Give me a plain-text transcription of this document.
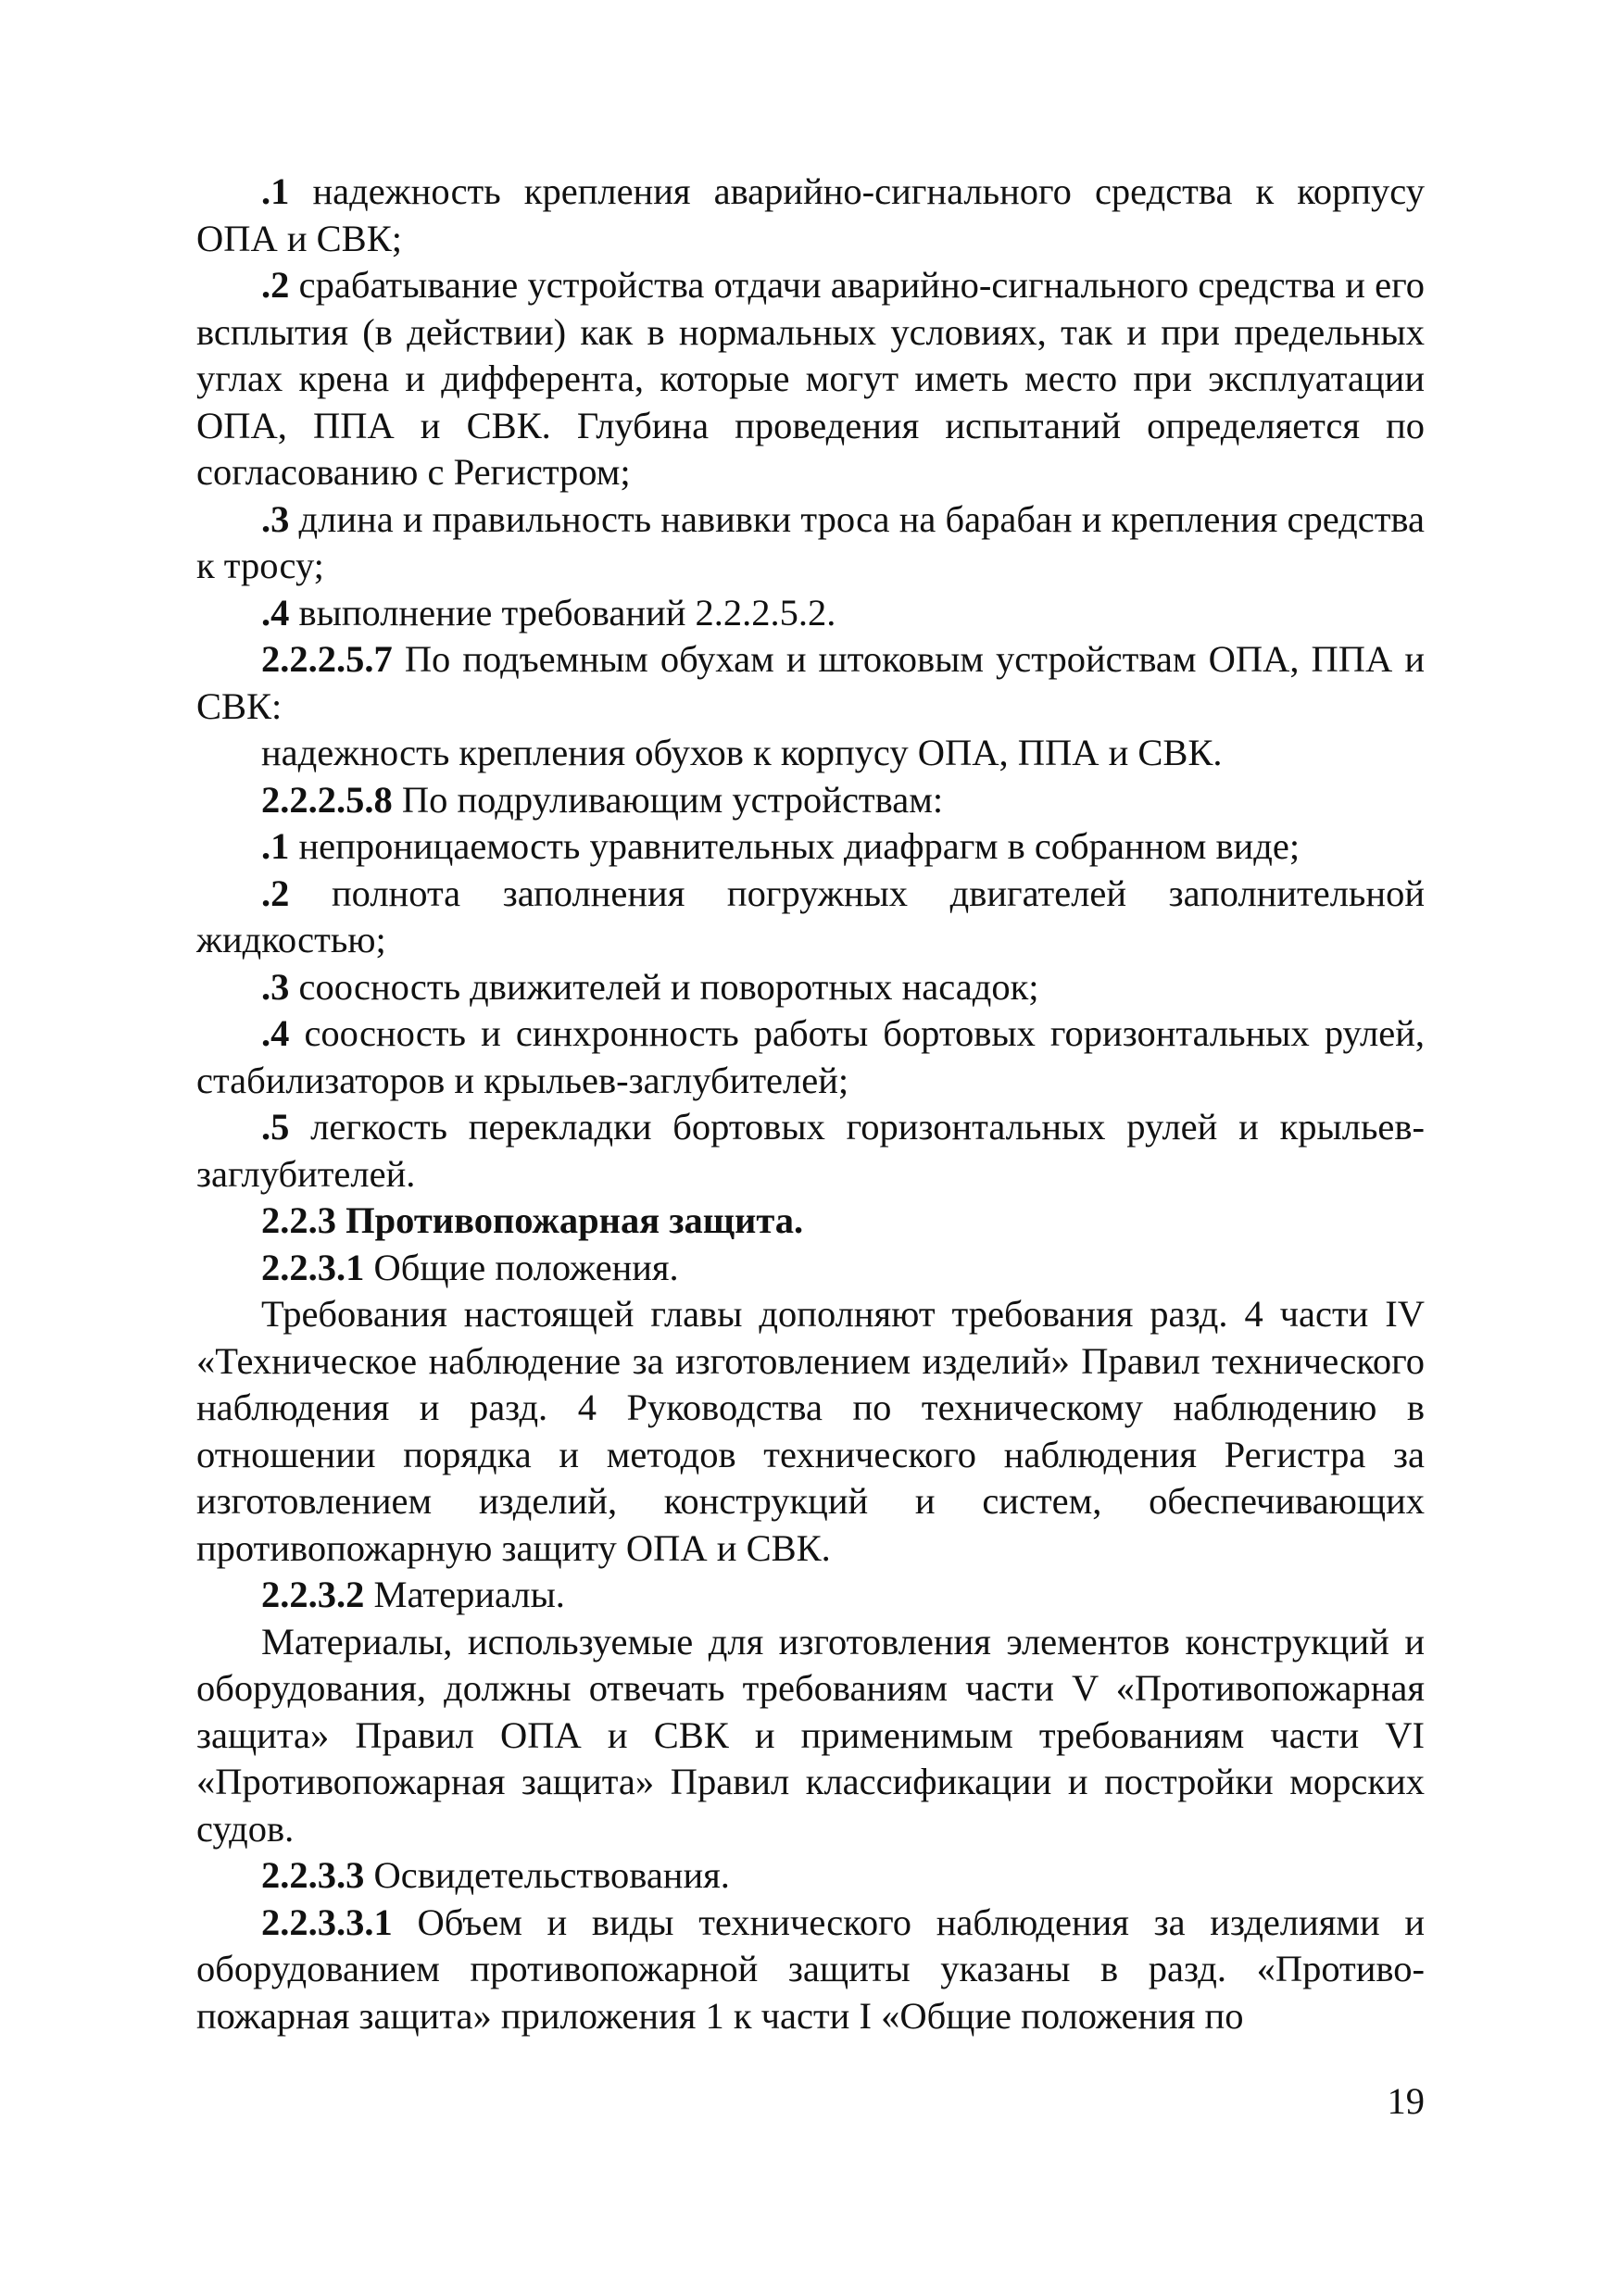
.1 надежность крепления аварийно-сигнального средства к корпусу ОПА и СВК;

.2 срабатывание устройства отдачи аварийно-сигнального средства и его всплытия (в действии) как в нормальных условиях, так и при предельных углах крена и дифферента, которые могут иметь место при эксплуатации ОПА, ППА и СВК. Глубина проведения испытаний определяется по согласованию с Регистром;

.3 длина и правильность навивки троса на барабан и крепления средства к тросу;

.4 выполнение требований 2.2.2.5.2.

2.2.2.5.7 По подъемным обухам и штоковым устройствам ОПА, ППА и СВК:

надежность крепления обухов к корпусу ОПА, ППА и СВК.

2.2.2.5.8 По подруливающим устройствам:

.1 непроницаемость уравнительных диафрагм в собранном виде;

.2 полнота заполнения погружных двигателей заполнительной жидкостью;

.3 соосность движителей и поворотных насадок;

.4 соосность и синхронность работы бортовых горизонтальных рулей, стабилизаторов и крыльев-заглубителей;

.5 легкость перекладки бортовых горизонтальных рулей и крыльев-заглубителей.

2.2.3 Противопожарная защита.

2.2.3.1 Общие положения.

Требования настоящей главы дополняют требования разд. 4 части IV «Техническое наблюдение за изготовлением изделий» Правил технического наблюдения и разд. 4 Руководства по техническому наблюдению в отношении порядка и методов технического наблюдения Регистра за изготовлением изделий, конструкций и систем, обеспечивающих противопожарную защиту ОПА и СВК.

2.2.3.2 Материалы.

Материалы, используемые для изготовления элементов конструкций и оборудования, должны отвечать требованиям части V «Противопожарная защита» Правил ОПА и СВК и применимым требованиям части VI «Противопожарная защита» Правил классификации и постройки морских судов.

2.2.3.3 Освидетельствования.

2.2.3.3.1 Объем и виды технического наблюдения за изделиями и оборудованием противопожарной защиты указаны в разд. «Противо-пожарная защита» приложения 1 к части I «Общие положения по

19
